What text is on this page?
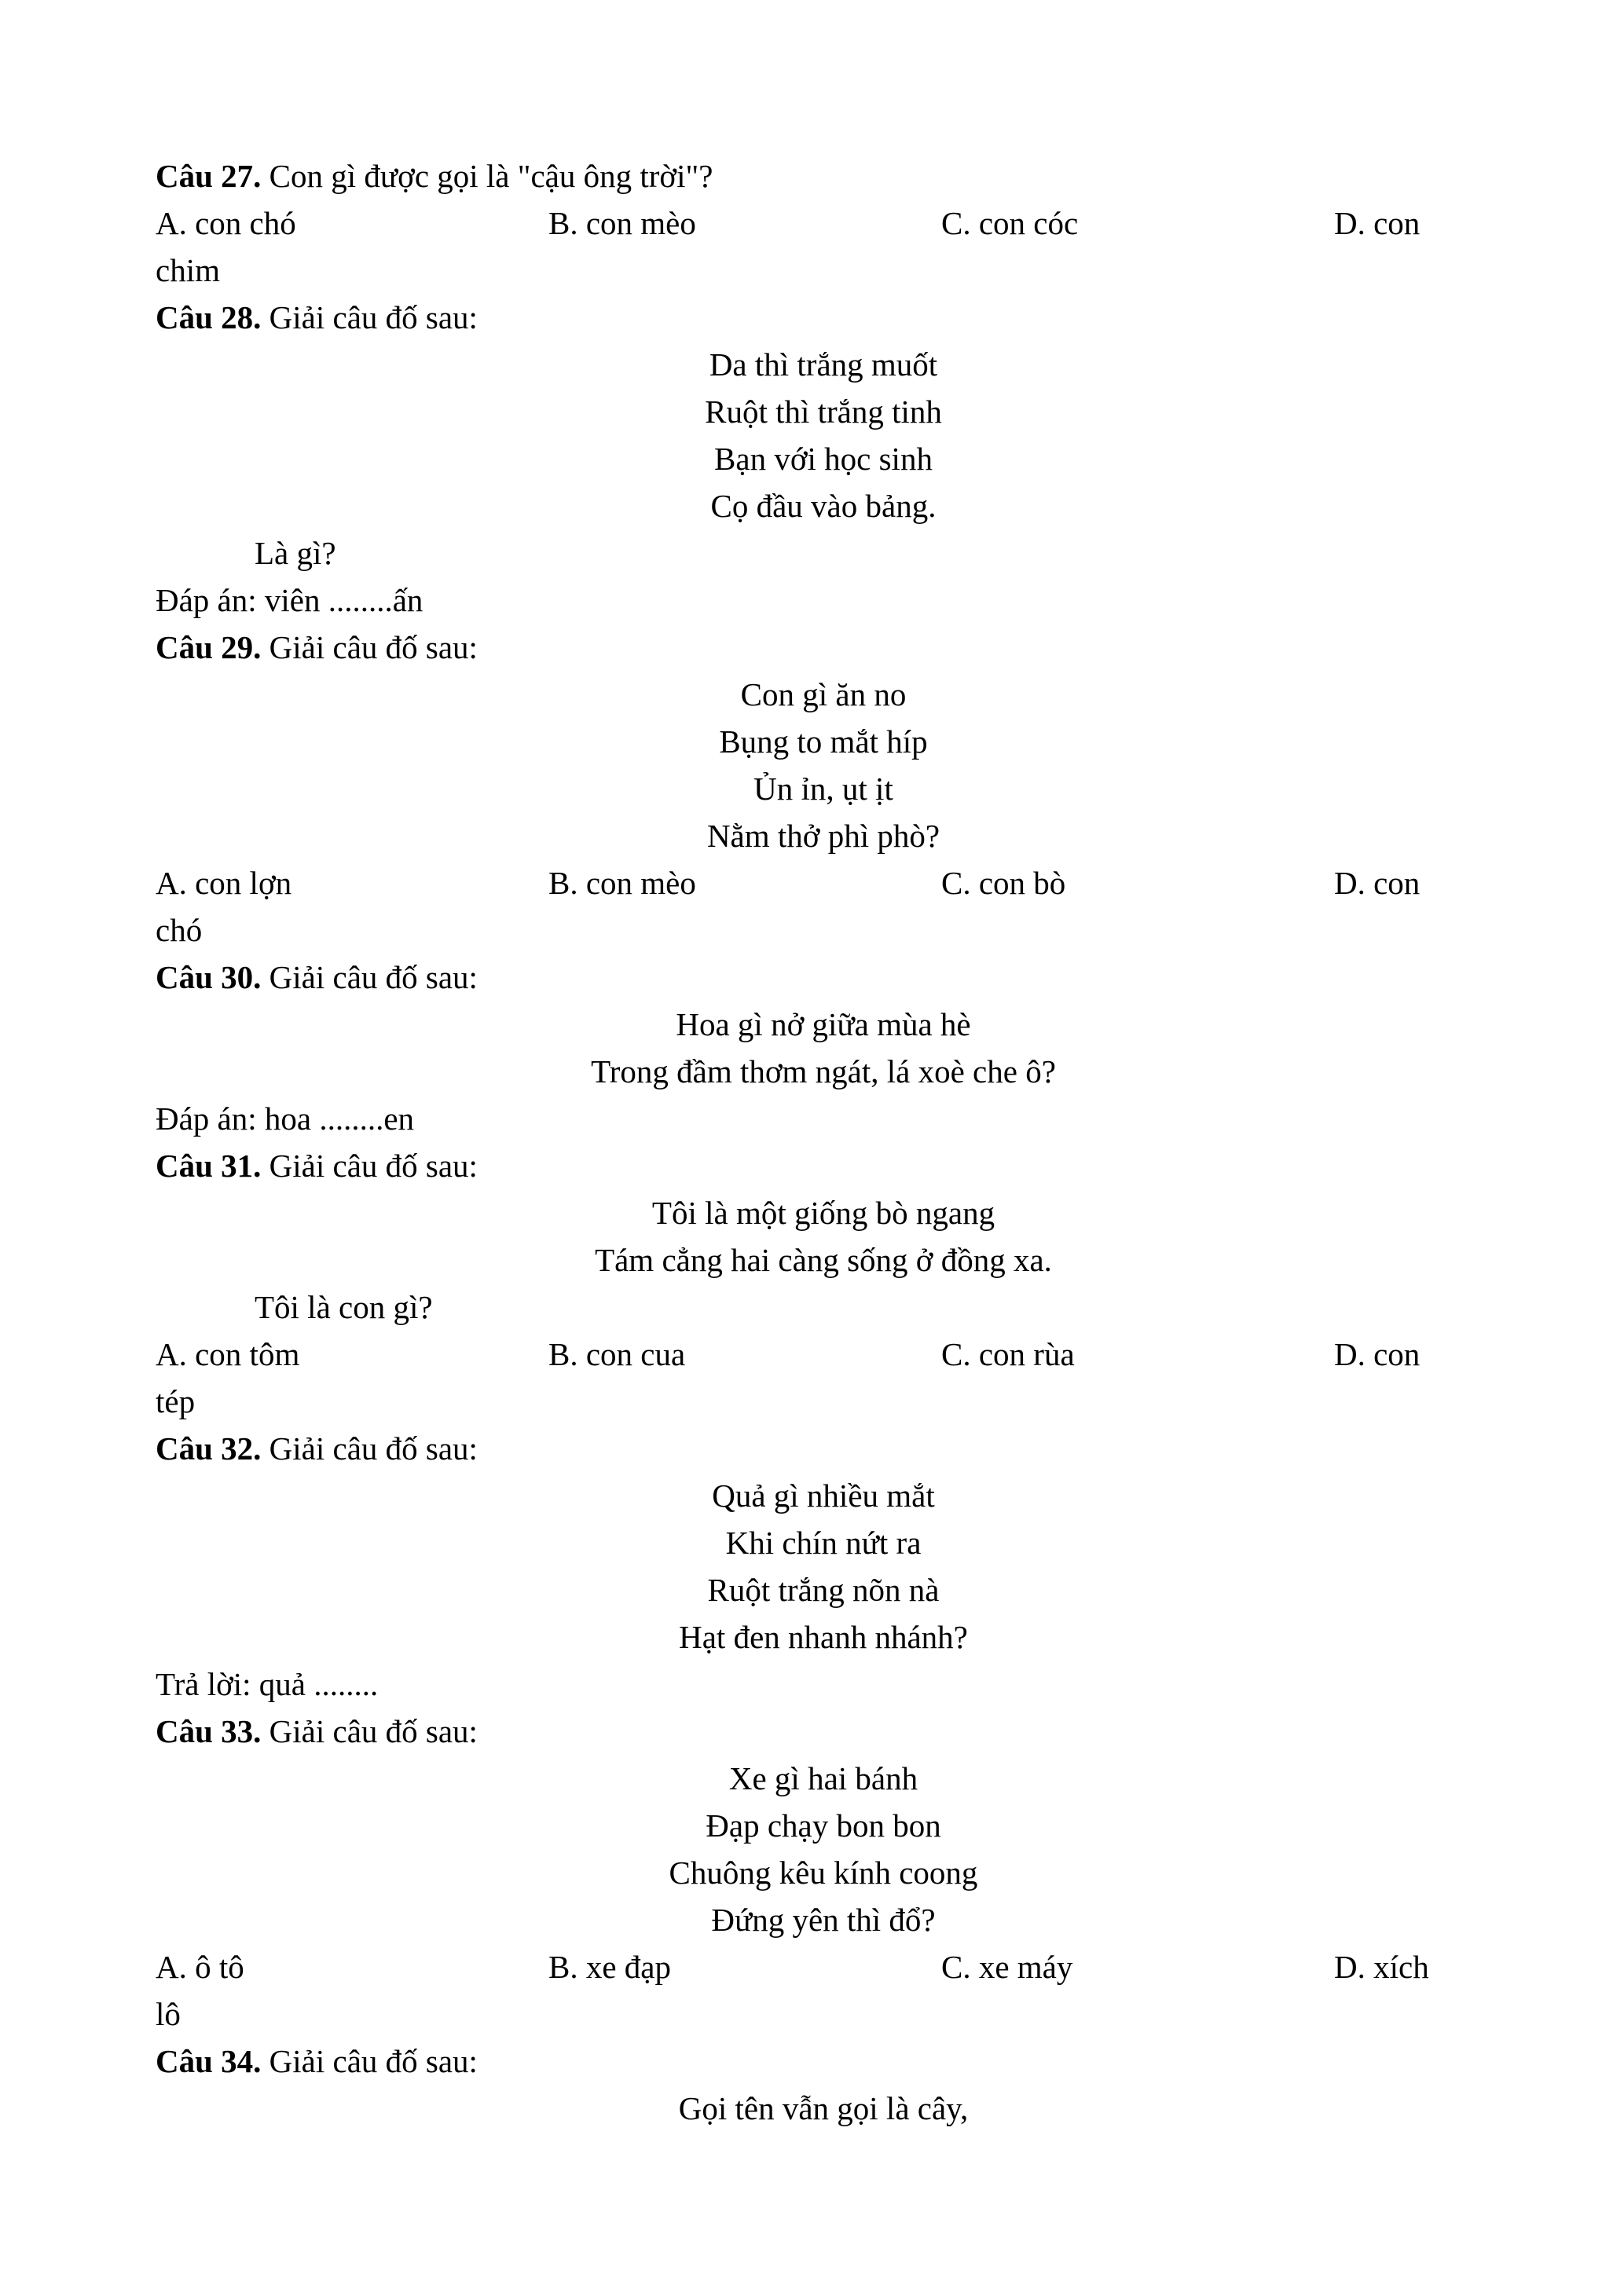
Câu 27. Con gì được gọi là "cậu ông trời"?
A. con chó	B. con mèo	C. con cóc	D. con
chim
Câu 28. Giải câu đố sau:
Da thì trắng muốt
Ruột thì trắng tinh
Bạn với học sinh
Cọ đầu vào bảng.
Là gì?
Đáp án: viên ........ấn
Câu 29. Giải câu đố sau:
Con gì ăn no
Bụng to mắt híp
Ủn ỉn, ụt ịt
Nằm thở phì phò?
A. con lợn	B. con mèo	C. con bò	D. con
chó
Câu 30. Giải câu đố sau:
Hoa gì nở giữa mùa hè
Trong đầm thơm ngát, lá xoè che ô?
Đáp án: hoa ........en
Câu 31. Giải câu đố sau:
Tôi là một giống bò ngang
Tám cẳng hai càng sống ở đồng xa.
Tôi là con gì?
A. con tôm	B. con cua	C. con rùa	D. con
tép
Câu 32. Giải câu đố sau:
Quả gì nhiều mắt
Khi chín nứt ra
Ruột trắng nõn nà
Hạt đen nhanh nhánh?
Trả lời: quả ........
Câu 33. Giải câu đố sau:
Xe gì hai bánh
Đạp chạy bon bon
Chuông kêu kính coong
Đứng yên thì đổ?
A. ô tô	B. xe đạp	C. xe máy	D. xích
lô
Câu 34. Giải câu đố sau:
Gọi tên vẫn gọi là cây,
